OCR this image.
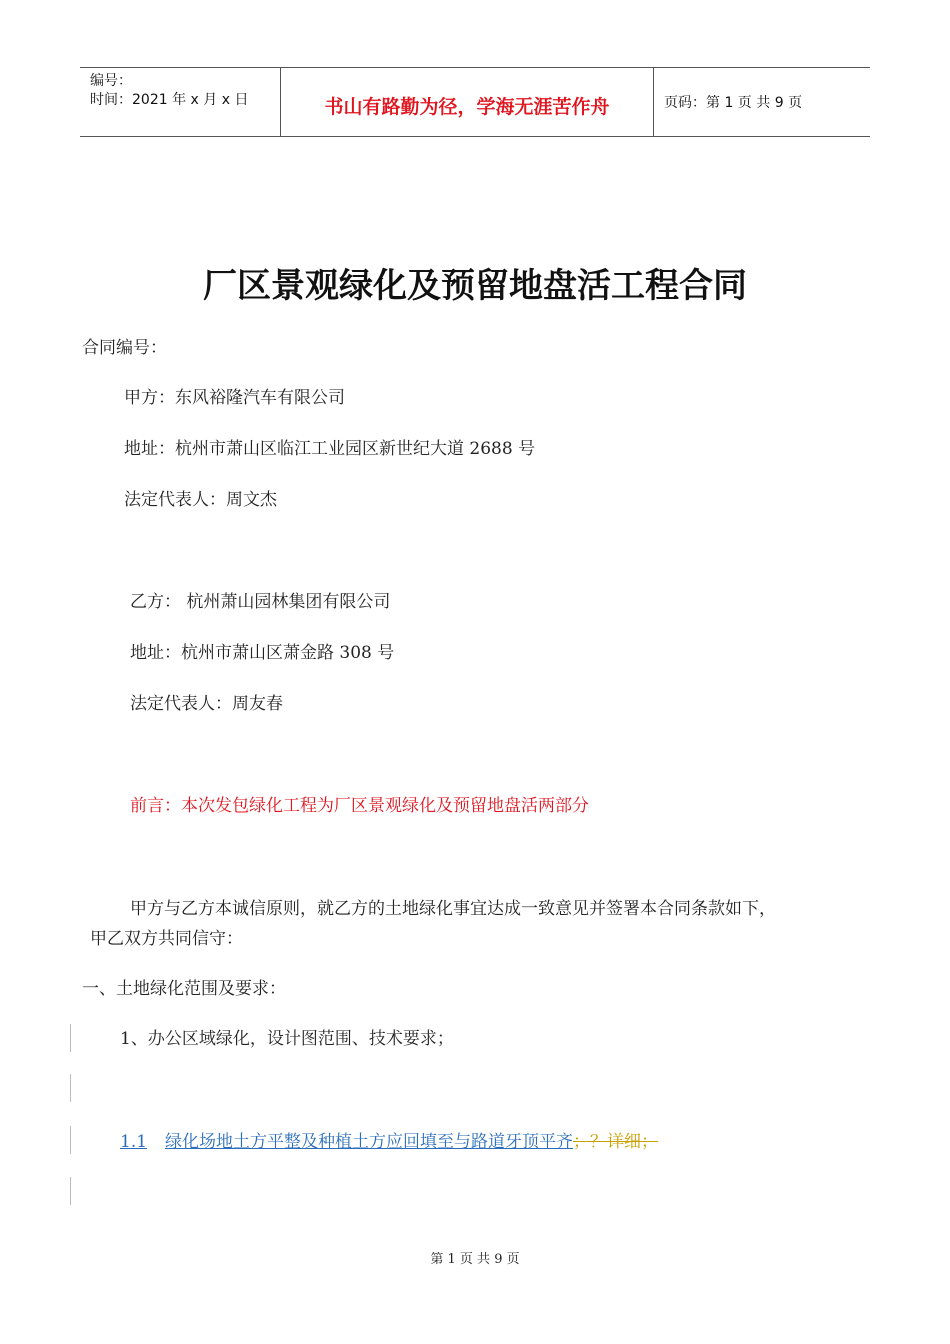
编号：
时间：2021 年 x 月 x 日	书山有路勤为径，学海无涯苦作舟	页码：第 1 页 共 9 页
厂区景观绿化及预留地盘活工程合同
合同编号：
甲方：东风裕隆汽车有限公司
地址：杭州市萧山区临江工业园区新世纪大道 2688 号
法定代表人：周文杰
乙方： 杭州萧山园林集团有限公司
地址：杭州市萧山区萧金路 308 号
法定代表人：周友春
前言：本次发包绿化工程为厂区景观绿化及预留地盘活两部分
甲方与乙方本诚信原则，就乙方的土地绿化事宜达成一致意见并签署本合同条款如下，
甲乙双方共同信守：
一、土地绿化范围及要求：
1、办公区域绿化，设计图范围、技术要求；
1.1 绿化场地土方平整及种植土方应回填至与路道牙顶平齐；？详细；
第 1 页 共 9 页
